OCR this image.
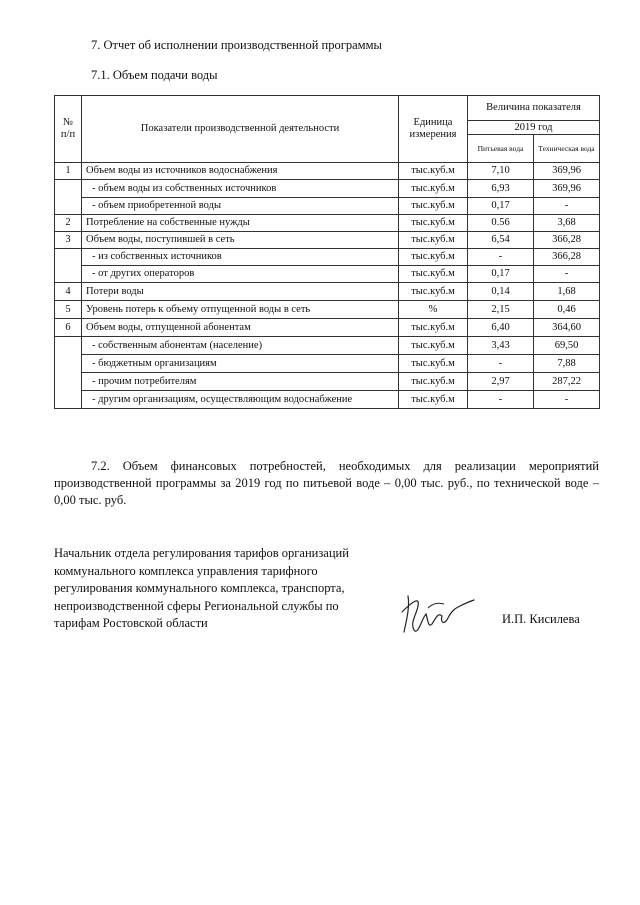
7. Отчет об исполнении производственной программы
7.1. Объем подачи воды
№ п/п	Показатели производственной деятельности	Единица измерения	Величина показателя	
			2019 год	
			Питьевая вода	Техническая вода
1	Объем воды из источников водоснабжения	тыс.куб.м	7,10	369,96
	- объем воды из собственных источников	тыс.куб.м	6,93	369,96
	- объем приобретенной воды	тыс.куб.м	0,17	-
2	Потребление на собственные нужды	тыс.куб.м	0.56	3,68
3	Объем воды, поступившей в сеть	тыс.куб.м	6,54	366,28
	- из собственных источников	тыс.куб.м	-	366,28
	- от других операторов	тыс.куб.м	0,17	-
4	Потери воды	тыс.куб.м	0,14	1,68
5	Уровень потерь к объему отпущенной воды в сеть	%	2,15	0,46
6	Объем воды, отпущенной абонентам	тыс.куб.м	6,40	364,60
	- собственным абонентам (население)	тыс.куб.м	3,43	69,50
	- бюджетным организациям	тыс.куб.м	-	7,88
	- прочим потребителям	тыс.куб.м	2,97	287,22
	- другим организациям, осуществляющим водоснабжение	тыс.куб.м	-	-

7.2. Объем финансовых потребностей, необходимых для реализации мероприятий производственной программы за 2019 год по питьевой воде – 0,00 тыс. руб., по технической воде – 0,00 тыс. руб.

Начальник отдела регулирования тарифов организаций
коммунального комплекса управления тарифного
регулирования коммунального комплекса, транспорта,
непроизводственной сферы Региональной службы по
тарифам Ростовской области	И.П. Кисилева
